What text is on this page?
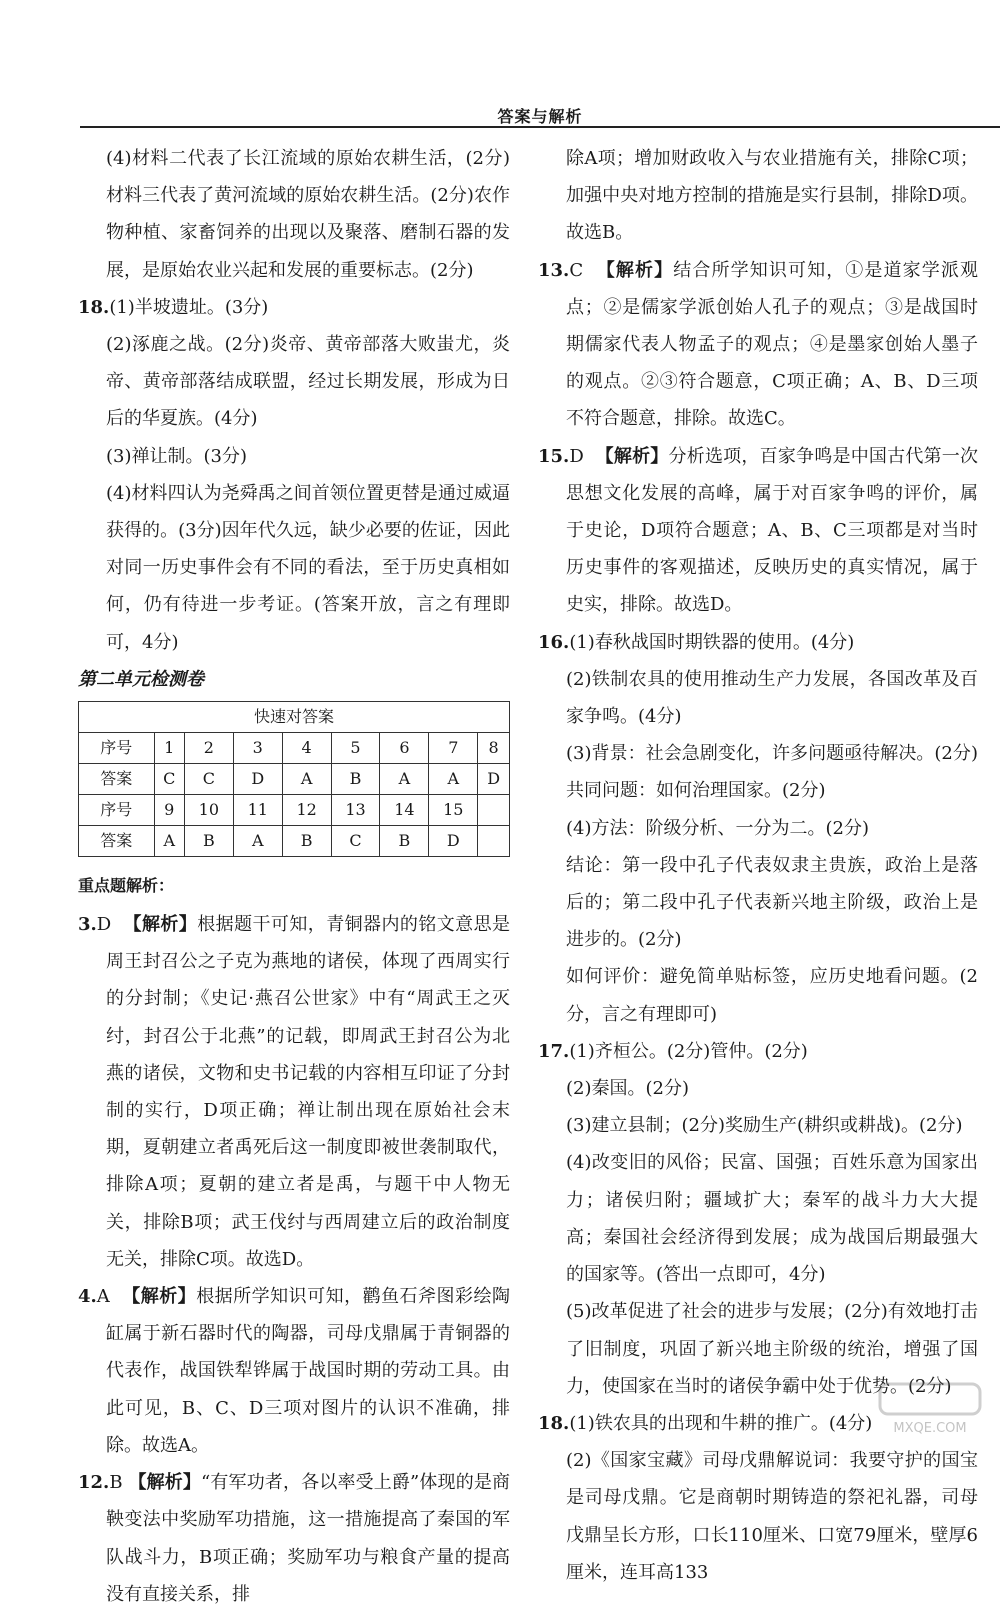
答案与解析

(4)材料二代表了长江流域的原始农耕生活，(2分)材料三代表了黄河流域的原始农耕生活。(2分)农作物种植、家畜饲养的出现以及聚落、磨制石器的发展，是原始农业兴起和发展的重要标志。(2分)

18.(1)半坡遗址。(3分)

(2)涿鹿之战。(2分)炎帝、黄帝部落大败蚩尤，炎帝、黄帝部落结成联盟，经过长期发展，形成为日后的华夏族。(4分)

(3)禅让制。(3分)

(4)材料四认为尧舜禹之间首领位置更替是通过威逼获得的。(3分)因年代久远，缺少必要的佐证，因此对同一历史事件会有不同的看法，至于历史真相如何，仍有待进一步考证。(答案开放，言之有理即可，4分)

第二单元检测卷
快速对答案								
序号	1	2	3	4	5	6	7	8
答案	C	C	D	A	B	A	A	D
序号	9	10	11	12	13	14	15	
答案	A	B	A	B	C	B	D	
重点题解析：

3.D 【解析】根据题干可知，青铜器内的铭文意思是周王封召公之子克为燕地的诸侯，体现了西周实行的分封制；《史记·燕召公世家》中有“周武王之灭纣，封召公于北燕”的记载，即周武王封召公为北燕的诸侯，文物和史书记载的内容相互印证了分封制的实行，D项正确；禅让制出现在原始社会末期，夏朝建立者禹死后这一制度即被世袭制取代，排除A项；夏朝的建立者是禹，与题干中人物无关，排除B项；武王伐纣与西周建立后的政治制度无关，排除C项。故选D。

4.A 【解析】根据所学知识可知，鹳鱼石斧图彩绘陶缸属于新石器时代的陶器，司母戊鼎属于青铜器的代表作，战国铁犁铧属于战国时期的劳动工具。由此可见，B、C、D三项对图片的认识不准确，排除。故选A。

12.B 【解析】“有军功者，各以率受上爵”体现的是商鞅变法中奖励军功措施，这一措施提高了秦国的军队战斗力，B项正确；奖励军功与粮食产量的提高没有直接关系，排

除A项；增加财政收入与农业措施有关，排除C项；加强中央对地方控制的措施是实行县制，排除D项。故选B。

13.C 【解析】结合所学知识可知，①是道家学派观点；②是儒家学派创始人孔子的观点；③是战国时期儒家代表人物孟子的观点；④是墨家创始人墨子的观点。②③符合题意，C项正确；A、B、D三项不符合题意，排除。故选C。

15.D 【解析】分析选项，百家争鸣是中国古代第一次思想文化发展的高峰，属于对百家争鸣的评价，属于史论，D项符合题意；A、B、C三项都是对当时历史事件的客观描述，反映历史的真实情况，属于史实，排除。故选D。

16.(1)春秋战国时期铁器的使用。(4分)

(2)铁制农具的使用推动生产力发展，各国改革及百家争鸣。(4分)

(3)背景：社会急剧变化，许多问题亟待解决。(2分)共同问题：如何治理国家。(2分)

(4)方法：阶级分析、一分为二。(2分)

结论：第一段中孔子代表奴隶主贵族，政治上是落后的；第二段中孔子代表新兴地主阶级，政治上是进步的。(2分)

如何评价：避免简单贴标签，应历史地看问题。(2分，言之有理即可)

17.(1)齐桓公。(2分)管仲。(2分)

(2)秦国。(2分)

(3)建立县制；(2分)奖励生产(耕织或耕战)。(2分)

(4)改变旧的风俗；民富、国强；百姓乐意为国家出力；诸侯归附；疆域扩大；秦军的战斗力大大提高；秦国社会经济得到发展；成为战国后期最强大的国家等。(答出一点即可，4分)

(5)改革促进了社会的进步与发展；(2分)有效地打击了旧制度，巩固了新兴地主阶级的统治，增强了国力，使国家在当时的诸侯争霸中处于优势。(2分)

18.(1)铁农具的出现和牛耕的推广。(4分)

(2)《国家宝藏》司母戊鼎解说词：我要守护的国宝是司母戊鼎。它是商朝时期铸造的祭祀礼器，司母戊鼎呈长方形，口长110厘米、口宽79厘米，壁厚6厘米，连耳高133

MXQE.COM
